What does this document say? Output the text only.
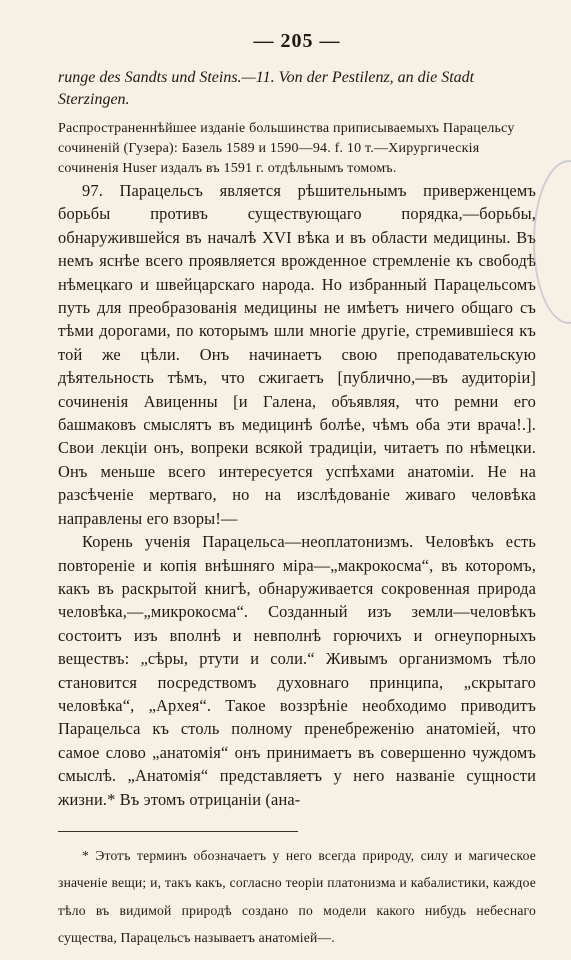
— 205 —

runge des Sandts und Steins.—11. Von der Pestilenz, an die Stadt Sterzingen.

Распространеннѣйшее изданіе большинства приписываемыхъ Парацельсу сочиненій (Гузера): Базель 1589 и 1590—94. f. 10 т.—Хирургическія сочиненія Huser издалъ въ 1591 г. отдѣльнымъ томомъ.

97. Парацельсъ является рѣшительнымъ приверженцемъ борьбы противъ существующаго порядка,—борьбы, обнаружившейся въ началѣ XVI вѣка и въ области медицины. Въ немъ яснѣе всего проявляется врожденное стремленіе къ свободѣ нѣмецкаго и швейцарскаго народа. Но избранный Парацельсомъ путь для преобразованія медицины не имѣетъ ничего общаго съ тѣми дорогами, по которымъ шли многіе другіе, стремившіеся къ той же цѣли. Онъ начинаетъ свою преподавательскую дѣятельность тѣмъ, что сжигаетъ [публично,—въ аудиторіи] сочиненія Авиценны [и Галена, объявляя, что ремни его башмаковъ смыслятъ въ медицинѣ болѣе, чѣмъ оба эти врача!.]. Свои лекціи онъ, вопреки всякой традиціи, читаетъ по нѣмецки. Онъ меньше всего интересуется успѣхами анатоміи. Не на разсѣченіе мертваго, но на изслѣдованіе живаго человѣка направлены его взоры!—

Корень ученія Парацельса—неоплатонизмъ. Человѣкъ есть повтореніе и копія внѣшняго міра—„макрокосма“, въ которомъ, какъ въ раскрытой книгѣ, обнаруживается сокровенная природа человѣка,—„микрокосма“. Созданный изъ земли—человѣкъ состоитъ изъ вполнѣ и невполнѣ горючихъ и огнеупорныхъ веществъ: „сѣры, ртути и соли.“ Живымъ организмомъ тѣло становится посредствомъ духовнаго принципа, „скрытаго человѣка“, „Архея“. Такое воззрѣніе необходимо приводитъ Парацельса къ столь полному пренебреженію анатоміей, что самое слово „анатомія“ онъ принимаетъ въ совершенно чуждомъ смыслѣ. „Анатомія“ представляетъ у него названіе сущности жизни.* Въ этомъ отрицаніи (ана-

* Этотъ терминъ обозначаетъ у него всегда природу, силу и магическое значеніе вещи; и, такъ какъ, согласно теоріи платонизма и кабалистики, каждое тѣло въ видимой природѣ создано по модели какого нибудь небеснаго существа, Парацельсъ называетъ анатоміей—.
